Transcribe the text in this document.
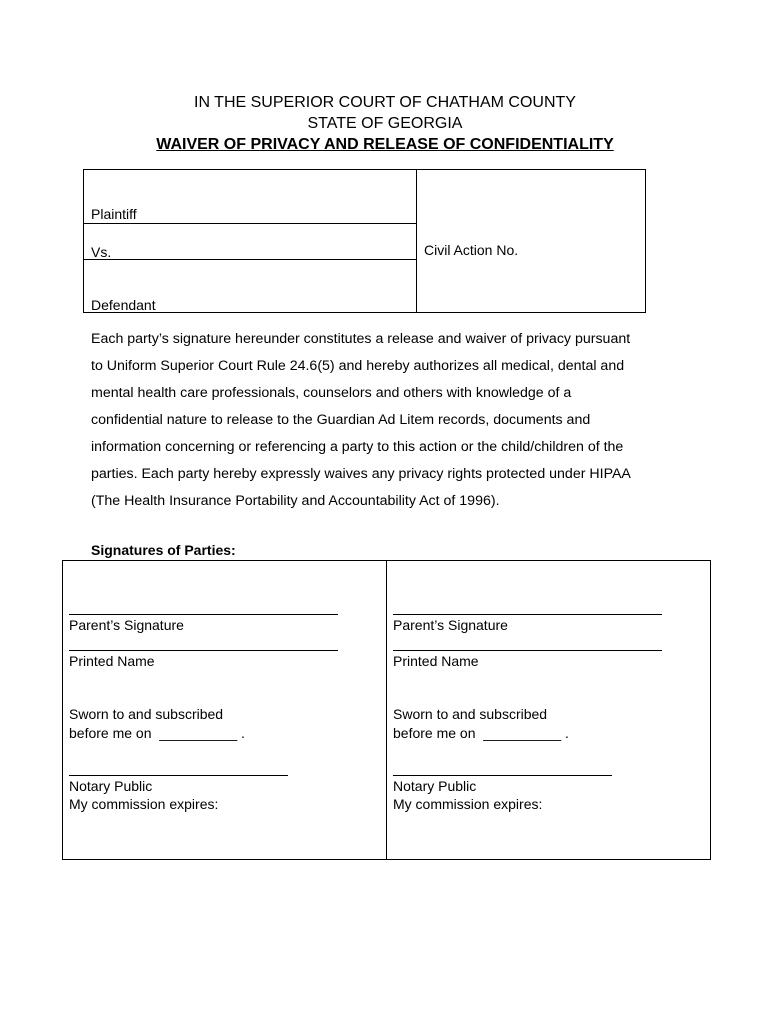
IN THE SUPERIOR COURT OF CHATHAM COUNTY
STATE OF GEORGIA
WAIVER OF PRIVACY AND RELEASE OF CONFIDENTIALITY
Plaintiff
Vs.
Defendant
Civil Action No.
Each party’s signature hereunder constitutes a release and waiver of privacy pursuant
to Uniform Superior Court Rule 24.6(5) and hereby authorizes all medical, dental and
mental health care professionals, counselors and others with knowledge of a
confidential nature to release to the Guardian Ad Litem records, documents and
information concerning or referencing a party to this action or the child/children of the
parties. Each party hereby expressly waives any privacy rights protected under HIPAA
(The Health Insurance Portability and Accountability Act of 1996).
Signatures of Parties:
Parent’s Signature
Printed Name
Sworn to and subscribed
before me on  __________ .
Notary Public
My commission expires:
Parent’s Signature
Printed Name
Sworn to and subscribed
before me on  __________ .
Notary Public
My commission expires:
